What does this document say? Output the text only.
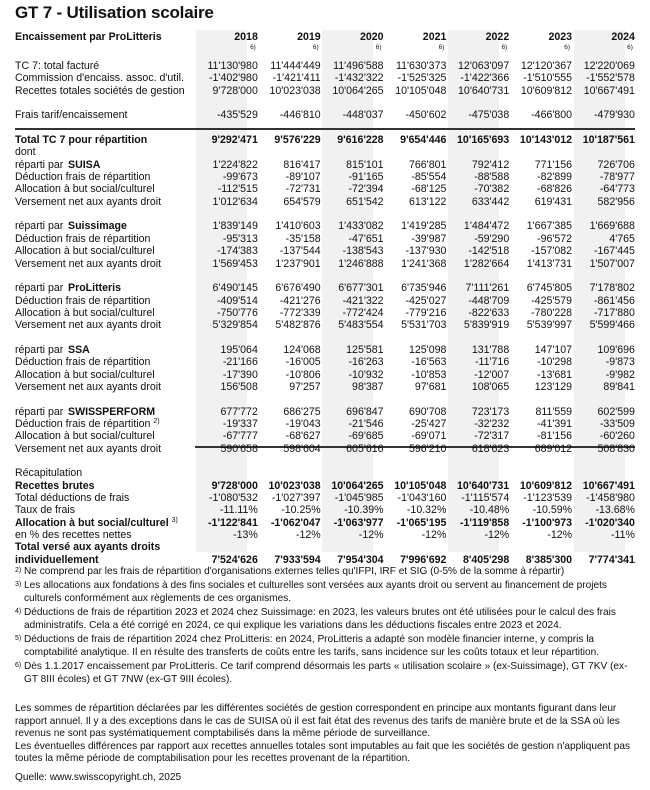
GT 7 - Utilisation scolaire
Encaissement par ProLitteris	2018	2019	2020	2021	2022	2023	2024
6)	6)	6)	6)	6)	6)	6)
TC 7: total facturé	11'130'980	11'444'449	11'496'588	11'630'373	12'063'097	12'120'367	12'220'069
Commission d'encaiss. assoc. d'util.	-1'402'980	-1'421'411	-1'432'322	-1'525'325	-1'422'366	-1'510'555	-1'552'578
Recettes totales sociétés de gestion	9'728'000	10'023'038	10'064'265	10'105'048	10'640'731	10'609'812	10'667'491
Frais tarif/encaissement	-435'529	-446'810	-448'037	-450'602	-475'038	-466'800	-479'930
Total TC 7 pour répartition	9'292'471	9'576'229	9'616'228	9'654'446	10'165'693	10'143'012	10'187'561
dont
réparti par SUISA	1'224'822	816'417	815'101	766'801	792'412	771'156	726'706
Déduction frais de répartition	-99'673	-89'107	-91'165	-85'554	-88'588	-82'899	-78'977
Allocation à but social/culturel	-112'515	-72'731	-72'394	-68'125	-70'382	-68'826	-64'773
Versement net aux ayants droit	1'012'634	654'579	651'542	613'122	633'442	619'431	582'956
réparti par Suissimage	1'839'149	1'410'603	1'433'082	1'419'285	1'484'472	1'667'385	1'669'688
Déduction frais de répartition	-95'313	-35'158	-47'651	-39'987	-59'290	-96'572	4'765
Allocation à but social/culturel	-174'383	-137'544	-138'543	-137'930	-142'518	-157'082	-167'445
Versement net aux ayants droit	1'569'453	1'237'901	1'246'888	1'241'368	1'282'664	1'413'731	1'507'007
réparti par ProLitteris	6'490'145	6'676'490	6'677'301	6'735'946	7'111'261	6'745'805	7'178'802
Déduction frais de répartition	-409'514	-421'276	-421'322	-425'027	-448'709	-425'579	-861'456
Allocation à but social/culturel	-750'776	-772'339	-772'424	-779'216	-822'633	-780'228	-717'880
Versement net aux ayants droit	5'329'854	5'482'876	5'483'554	5'531'703	5'839'919	5'539'997	5'599'466
réparti par SSA	195'064	124'068	125'581	125'098	131'788	147'107	109'696
Déduction frais de répartition	-21'166	-16'005	-16'263	-16'563	-11'716	-10'298	-9'873
Allocation à but social/culturel	-17'390	-10'806	-10'932	-10'853	-12'007	-13'681	-9'982
Versement net aux ayants droit	156'508	97'257	98'387	97'681	108'065	123'129	89'841
réparti par SWISSPERFORM	677'772	686'275	696'847	690'708	723'173	811'559	602'599
Déduction frais de répartition $^{2)}$	-19'337	-19'043	-21'546	-25'427	-32'232	-41'391	-33'509
Allocation à but social/culturel	-67'777	-68'627	-69'685	-69'071	-72'317	-81'156	-60'260
Versement net aux ayants droit	590'658	598'604	605'616	596'210	618'623	689'012	508'830
Récapitulation
Recettes brutes	9'728'000	10'023'038	10'064'265	10'105'048	10'640'731	10'609'812	10'667'491
Total déductions de frais	-1'080'532	-1'027'397	-1'045'985	-1'043'160	-1'115'574	-1'123'539	-1'458'980
Taux de frais	-11.11%	-10.25%	-10.39%	-10.32%	-10.48%	-10.59%	-13.68%
Allocation à but social/culturel $^{3)}$	-1'122'841	-1'062'047	-1'063'977	-1'065'195	-1'119'858	-1'100'973	-1'020'340
en % des recettes nettes	-13%	-12%	-12%	-12%	-12%	-12%	-11%
Total versé aux ayants droits
individuellement	7'524'626	7'933'594	7'954'304	7'996'692	8'405'298	8'385'300	7'774'341
2) Ne comprend par les frais de répartition d'organisations externes telles qu'IFPI, IRF et SIG (0-5% de la somme à répartir)
3) Les allocations aux fondations à des fins sociales et culturelles sont versées aux ayants droit ou servent au financement de projets culturels conformément aux règlements de ces organismes.
4) Déductions de frais de répartition 2023 et 2024 chez Suissimage: en 2023, les valeurs brutes ont été utilisées pour le calcul des frais administratifs. Cela a été corrigé en 2024, ce qui explique les variations dans les déductions fiscales entre 2023 et 2024.
5) Déductions de frais de répartition 2024 chez ProLitteris: en 2024, ProLitteris a adapté son modèle financier interne, y compris la comptabilité analytique. Il en résulte des transferts de coûts entre les tarifs, sans incidence sur les coûts totaux et leur répartition.
6) Dès 1.1.2017 encaissement par ProLitteris. Ce tarif comprend désormais les parts « utilisation scolaire » (ex-Suissimage), GT 7KV (ex-GT 8III écoles) et GT 7NW (ex-GT 9III écoles).

Les sommes de répartition déclarées par les différentes sociétés de gestion correspondent en principe aux montants figurant dans leur rapport annuel. Il y a des exceptions dans le cas de SUISA où il est fait état des revenus des tarifs de manière brute et de la SSA où les revenus ne sont pas systématiquement comptabilisés dans la même période de surveillance.

Les éventuelles différences par rapport aux recettes annuelles totales sont imputables au fait que les sociétés de gestion n'appliquent pas toutes la même période de comptabilisation pour les recettes provenant de la répartition.

Quelle: www.swisscopyright.ch, 2025
